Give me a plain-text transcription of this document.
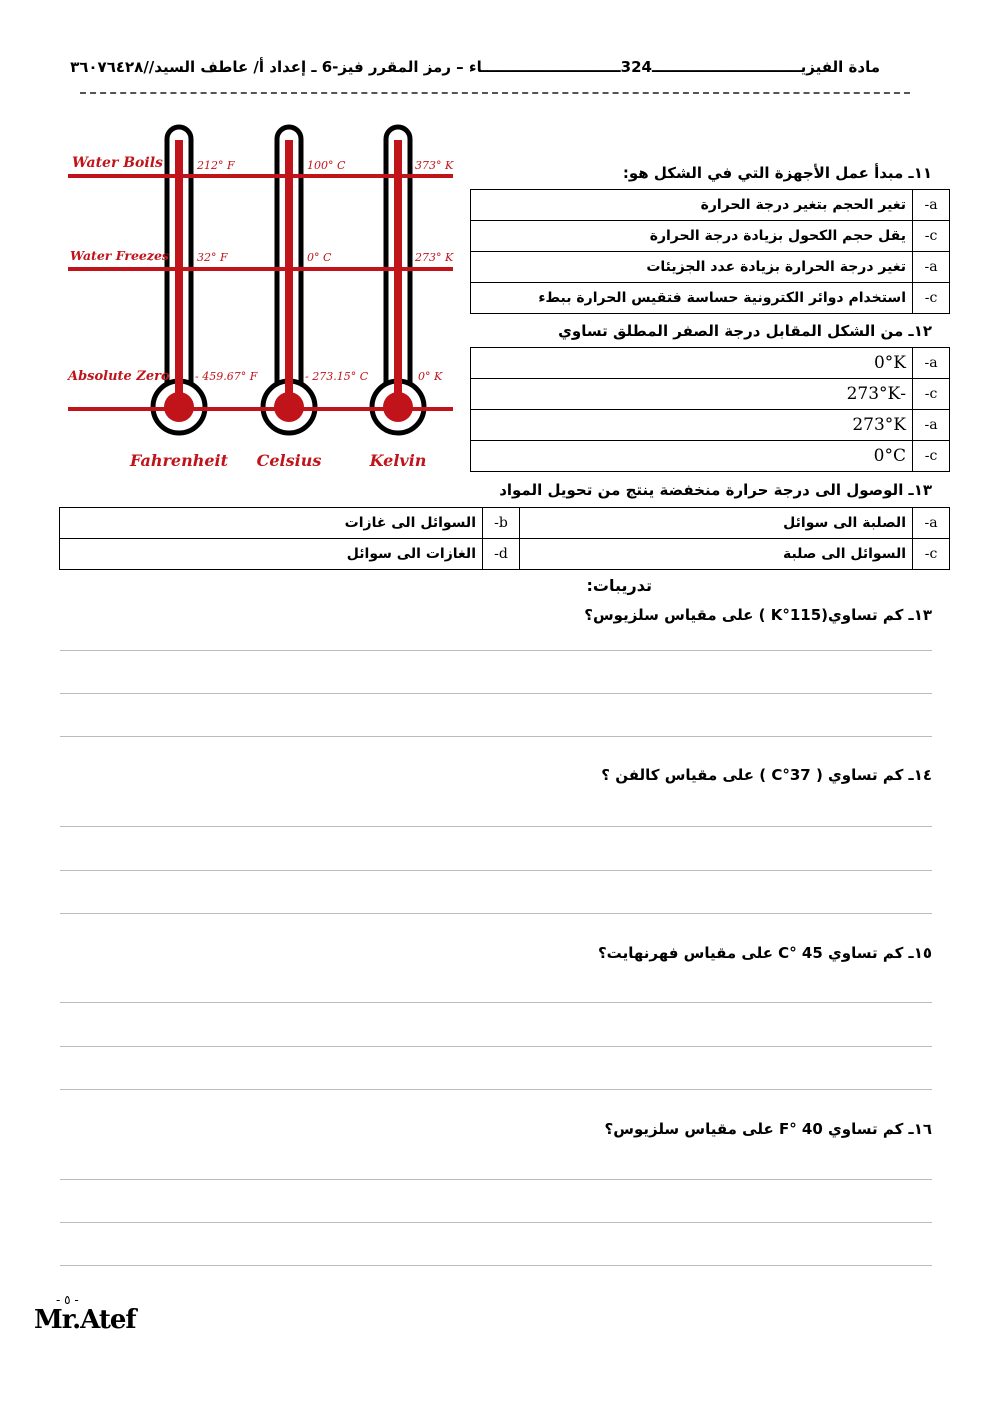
مادة الفيزيـــــــــــــــــــــــــــــ324ـــــــــــــــــــــــــــاء – رمز المقرر فيز-6 ـ إعداد أ/ عاطف السيد//٣٦٠٧٦٤٢٨
Water Boils
Water Freezes
Absolute Zero
212° F
32° F
- 459.67° F
100° C
0° C
- 273.15° C
373° K
273° K
0° K
Fahrenheit Celsius	Kelvin
١١ـ مبدأ عمل الأجهزة التي في الشكل هو:
a-	تغير الحجم بتغير درجة الحرارة
c-	يقل حجم الكحول بزيادة درجة الحرارة
a-	تغير درجة الحرارة بزيادة عدد الجزيئات
c-	استخدام دوائر الكترونية حساسة فتقيس الحرارة ببطء
١٢ـ من الشكل المقابل درجة الصفر المطلق تساوي
a-	0°K
c-	-273°K
a-	273°K
c-	0°C
١٣ـ الوصول الى درجة حرارة منخفضة ينتج من تحويل المواد
a-	الصلبة الى سوائل	b-	السوائل الى غازات
c-	السوائل الى صلبة	d-	الغازات الى سوائل
تدريبات:
١٣ـ كم تساوي(115°K ) على مقياس سلزيوس؟
١٤ـ كم تساوي ( 37°C ) على مقياس كالفن ؟
١٥ـ كم تساوي 45 °C على مقياس فهرنهايت؟
١٦ـ كم تساوي 40 °F على مقياس سلزيوس؟
- ٥ -
Mr.Atef
